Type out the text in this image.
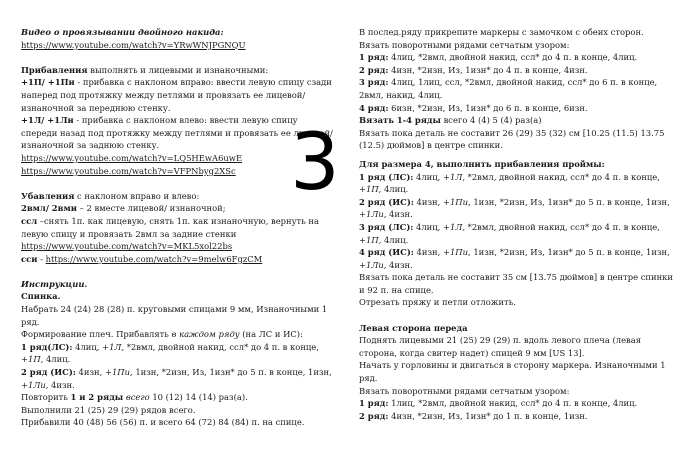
Видео о провязывании двойного накида:

https://www.youtube.com/watch?v=YRwWNJPGNQU

Прибавления выполнять и лицевыми и изнаночными:

+1П/ +1Пи - прибавка с наклоном вправо: ввести левую спицу сзади наперед под протяжку между петлями и провязать ее лицевой/ изнаночной за переднюю стенку.

+1Л/ +1Ли - прибавка с наклоном влево: ввести левую спицу спереди назад под протяжку между петлями и провязать ее лицевой/ изнаночной за заднюю стенку.

https://www.youtube.com/watch?v=LQ5HEwA6uwE

https://www.youtube.com/watch?v=VFPNbyg2XSc

Убавления с наклоном вправо и влево:

2вмл/ 2вми – 2 вместе лицевой/ изнаночной;

ссл –снять 1п. как лицевую, снять 1п. как изнаночную, вернуть на левую спицу и провязать 2вмл за задние стенки

https://www.youtube.com/watch?v=MKL5xol22bs

сси - https://www.youtube.com/watch?v=9melw6FgzCM

Инструкции.

Спинка.

Набрать 24 (24) 28 (28) п. круговыми спицами 9 мм, Изнаночными 1 ряд.

Формирование плеч. Прибавлять в каждом ряду (на ЛС и ИС):

1 ряд(ЛС): 4лиц, +1Л, *2вмл, двойной накид, ссл* до 4 п. в конце, +1П, 4лиц.

2 ряд (ИС): 4изн, +1Пи, 1изн, *2изн, Из, 1изн* до 5 п. в конце, 1изн, +1Ли, 4изн.

Повторить 1 и 2 ряды всего 10 (12) 14 (14) раз(а).

Выполнили 21 (25) 29 (29) рядов всего.

Прибавили 40 (48) 56 (56) п. и всего 64 (72) 84 (84) п. на спице.

3

В послед.ряду прикрепите маркеры с замочком с обеих сторон.

Вязать поворотными рядами сетчатым узором:

1 ряд: 4лиц, *2вмл, двойной накид, ссл* до 4 п. в конце, 4лиц.

2 ряд: 4изн, *2изн, Из, 1изн* до 4 п. в конце, 4изн.

3 ряд: 4лиц, 1лиц, ссл, *2вмл, двойной накид, ссл* до 6 п. в конце, 2вмл, накид, 4лиц.

4 ряд: 6изн, *2изн, Из, 1изн* до 6 п. в конце, 6изн.

Вязать 1-4 ряды всего 4 (4) 5 (4) раз(а)

Вязать пока деталь не составит 26 (29) 35 (32) см [10.25 (11.5) 13.75 (12.5) дюймов] в центре спинки.

Для размера 4, выполнить прибавления проймы:

1 ряд (ЛС): 4лиц, +1Л, *2вмл, двойной накид, ссл* до 4 п. в конце, +1П, 4лиц.

2 ряд (ИС): 4изн, +1Пи, 1изн, *2изн, Из, 1изн* до 5 п. в конце, 1изн, +1Ли, 4изн.

3 ряд (ЛС): 4лиц, +1Л, *2вмл, двойной накид, ссл* до 4 п. в конце, +1П, 4лиц.

4 ряд (ИС): 4изн, +1Пи, 1изн, *2изн, Из, 1изн* до 5 п. в конце, 1изн, +1Ли, 4изн.

Вязать пока деталь не составит 35 см [13.75 дюймов] в центре спинки и 92 п. на спице.

Отрезать пряжу и петли отложить.

Левая сторона переда

Поднять лицевыми 21 (25) 29 (29) п. вдоль левого плеча (левая сторона, когда свитер надет) спицей 9 мм [US 13].

Начать у горловины и двигаться в сторону маркера. Изнаночными 1 ряд.

Вязать поворотными рядами сетчатым узором:

1 ряд: 1лиц, *2вмл, двойной накид, ссл* до 4 п. в конце, 4лиц.

2 ряд: 4изн, *2изн, Из, 1изн* до 1 п. в конце, 1изн.
